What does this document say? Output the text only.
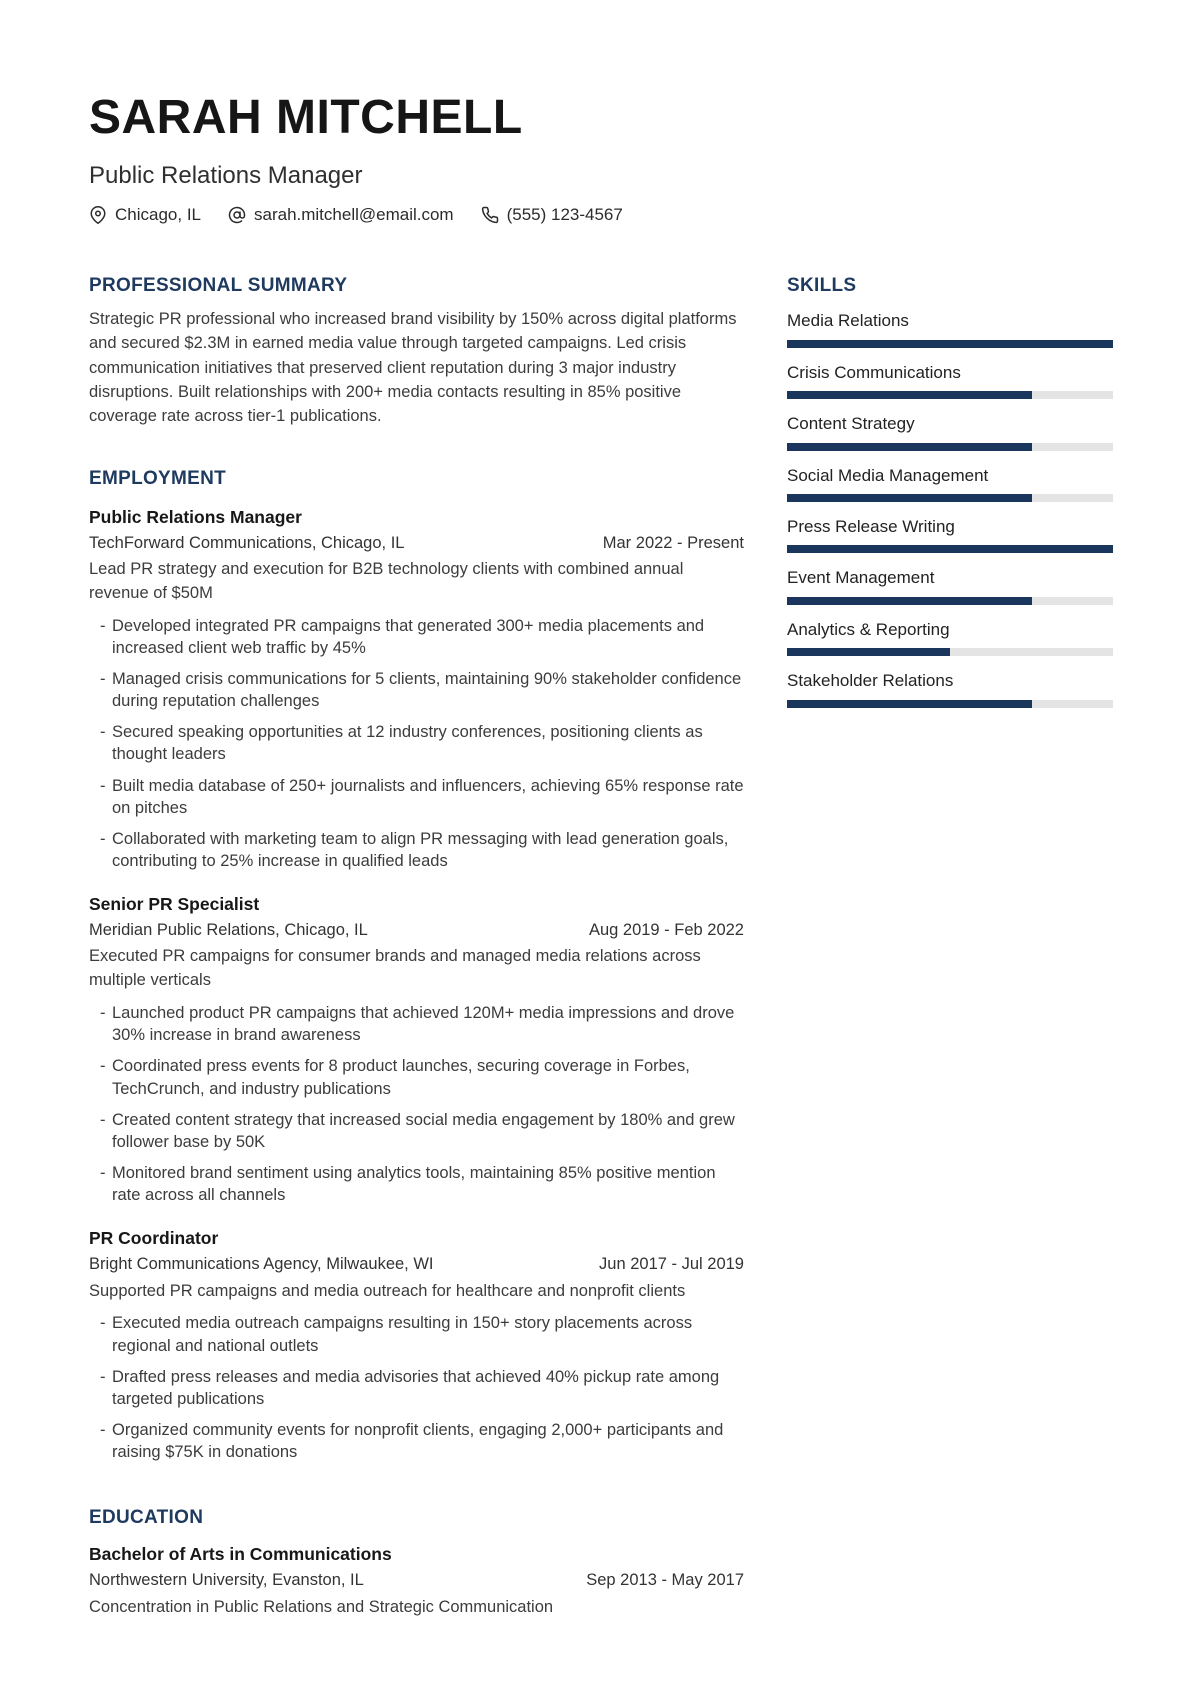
SARAH MITCHELL
Public Relations Manager
Chicago, IL	sarah.mitchell@email.com	(555) 123-4567
PROFESSIONAL SUMMARY

Strategic PR professional who increased brand visibility by 150% across digital platforms and secured $2.3M in earned media value through targeted campaigns. Led crisis communication initiatives that preserved client reputation during 3 major industry disruptions. Built relationships with 200+ media contacts resulting in 85% positive coverage rate across tier-1 publications.

EMPLOYMENT
Public Relations Manager
TechForward Communications, Chicago, IL	Mar 2022 - Present
Lead PR strategy and execution for B2B technology clients with combined annual revenue of $50M
- Developed integrated PR campaigns that generated 300+ media placements and increased client web traffic by 45%
- Managed crisis communications for 5 clients, maintaining 90% stakeholder confidence during reputation challenges
- Secured speaking opportunities at 12 industry conferences, positioning clients as thought leaders
- Built media database of 250+ journalists and influencers, achieving 65% response rate on pitches
- Collaborated with marketing team to align PR messaging with lead generation goals, contributing to 25% increase in qualified leads
Senior PR Specialist
Meridian Public Relations, Chicago, IL	Aug 2019 - Feb 2022
Executed PR campaigns for consumer brands and managed media relations across multiple verticals
- Launched product PR campaigns that achieved 120M+ media impressions and drove 30% increase in brand awareness
- Coordinated press events for 8 product launches, securing coverage in Forbes, TechCrunch, and industry publications
- Created content strategy that increased social media engagement by 180% and grew follower base by 50K
- Monitored brand sentiment using analytics tools, maintaining 85% positive mention rate across all channels
PR Coordinator
Bright Communications Agency, Milwaukee, WI	Jun 2017 - Jul 2019
Supported PR campaigns and media outreach for healthcare and nonprofit clients
- Executed media outreach campaigns resulting in 150+ story placements across regional and national outlets
- Drafted press releases and media advisories that achieved 40% pickup rate among targeted publications
- Organized community events for nonprofit clients, engaging 2,000+ participants and raising $75K in donations
EDUCATION
Bachelor of Arts in Communications
Northwestern University, Evanston, IL	Sep 2013 - May 2017
Concentration in Public Relations and Strategic Communication
SKILLS
Media Relations
Crisis Communications
Content Strategy
Social Media Management
Press Release Writing
Event Management
Analytics & Reporting
Stakeholder Relations
